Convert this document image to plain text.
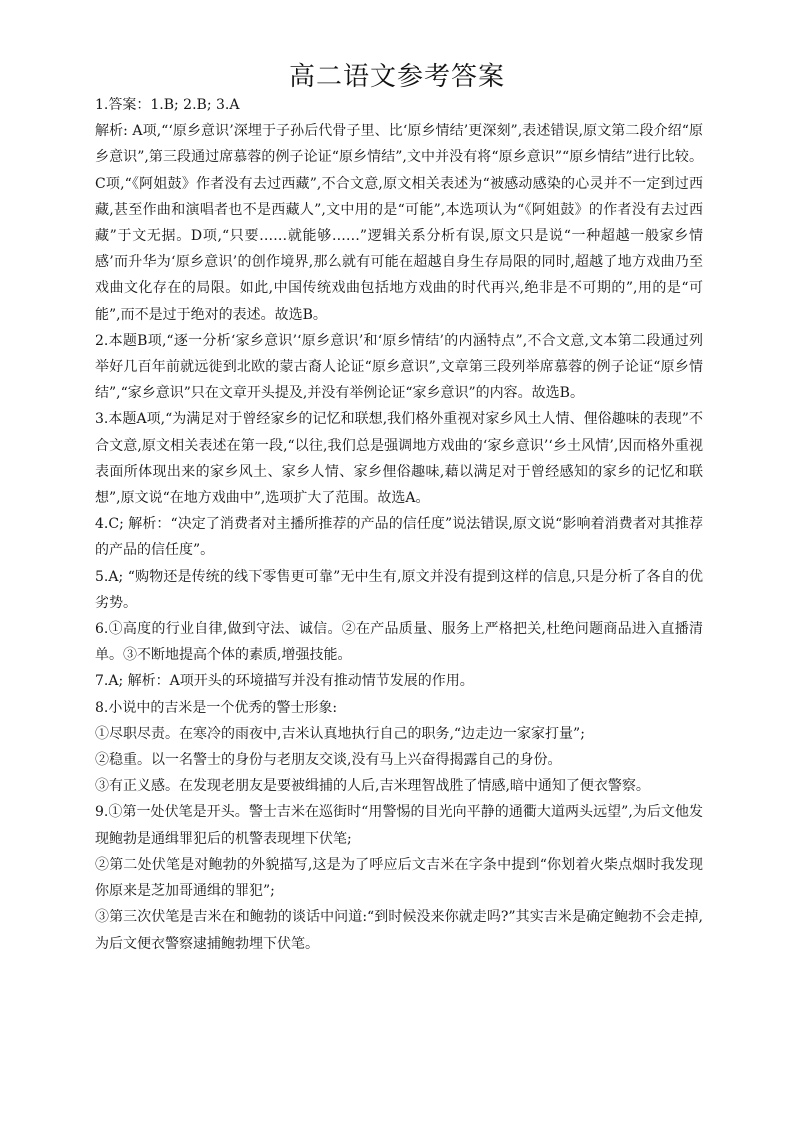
高二语文参考答案

1.答案：1.B; 2.B; 3.A

解析: A项,“‘原乡意识’深埋于子孙后代骨子里、比‘原乡情结’更深刻”,表述错误,原文第二段介绍“原乡意识”,第三段通过席慕蓉的例子论证“原乡情结”,文中并没有将“原乡意识”“原乡情结”进行比较。C项,“《阿姐鼓》作者没有去过西藏”,不合文意,原文相关表述为“被感动感染的心灵并不一定到过西藏,甚至作曲和演唱者也不是西藏人”,文中用的是“可能”,本选项认为“《阿姐鼓》的作者没有去过西藏”于文无据。D项,“只要……就能够……”逻辑关系分析有误,原文只是说“一种超越一般家乡情感’而升华为‘原乡意识’的创作境界,那么就有可能在超越自身生存局限的同时,超越了地方戏曲乃至戏曲文化存在的局限。如此,中国传统戏曲包括地方戏曲的时代再兴,绝非是不可期的”,用的是“可能”,而不是过于绝对的表述。故选B。

2.本题B项,“逐一分析‘家乡意识’‘原乡意识’和‘原乡情结’的内涵特点”,不合文意,文本第二段通过列举好几百年前就远徙到北欧的蒙古裔人论证“原乡意识”,文章第三段列举席慕蓉的例子论证“原乡情结”,“家乡意识”只在文章开头提及,并没有举例论证“家乡意识”的内容。故选B。

3.本题A项,“为满足对于曾经家乡的记忆和联想,我们格外重视对家乡风土人情、俚俗趣味的表现”不合文意,原文相关表述在第一段,“以往,我们总是强调地方戏曲的‘家乡意识’‘乡土风情’,因而格外重视表面所体现出来的家乡风土、家乡人情、家乡俚俗趣味,藉以满足对于曾经感知的家乡的记忆和联想”,原文说“在地方戏曲中”,选项扩大了范围。故选A。

4.C; 解析：“决定了消费者对主播所推荐的产品的信任度”说法错误,原文说“影响着消费者对其推荐的产品的信任度”。

5.A; “购物还是传统的线下零售更可靠”无中生有,原文并没有提到这样的信息,只是分析了各自的优劣势。

6.①高度的行业自律,做到守法、诚信。②在产品质量、服务上严格把关,杜绝问题商品进入直播清单。③不断地提高个体的素质,增强技能。

7.A; 解析：A项开头的环境描写并没有推动情节发展的作用。

8.小说中的吉米是一个优秀的警士形象:

①尽职尽责。在寒冷的雨夜中,吉米认真地执行自己的职务,“边走边一家家打量”;

②稳重。以一名警士的身份与老朋友交谈,没有马上兴奋得揭露自己的身份。

③有正义感。在发现老朋友是要被缉捕的人后,吉米理智战胜了情感,暗中通知了便衣警察。

9.①第一处伏笔是开头。警士吉米在巡街时“用警惕的目光向平静的通衢大道两头远望”,为后文他发现鲍勃是通缉罪犯后的机警表现埋下伏笔;

②第二处伏笔是对鲍勃的外貌描写,这是为了呼应后文吉米在字条中提到“你划着火柴点烟时我发现你原来是芝加哥通缉的罪犯”;

③第三次伏笔是吉米在和鲍勃的谈话中问道:“到时候没来你就走吗?”其实吉米是确定鲍勃不会走掉,为后文便衣警察逮捕鲍勃埋下伏笔。
